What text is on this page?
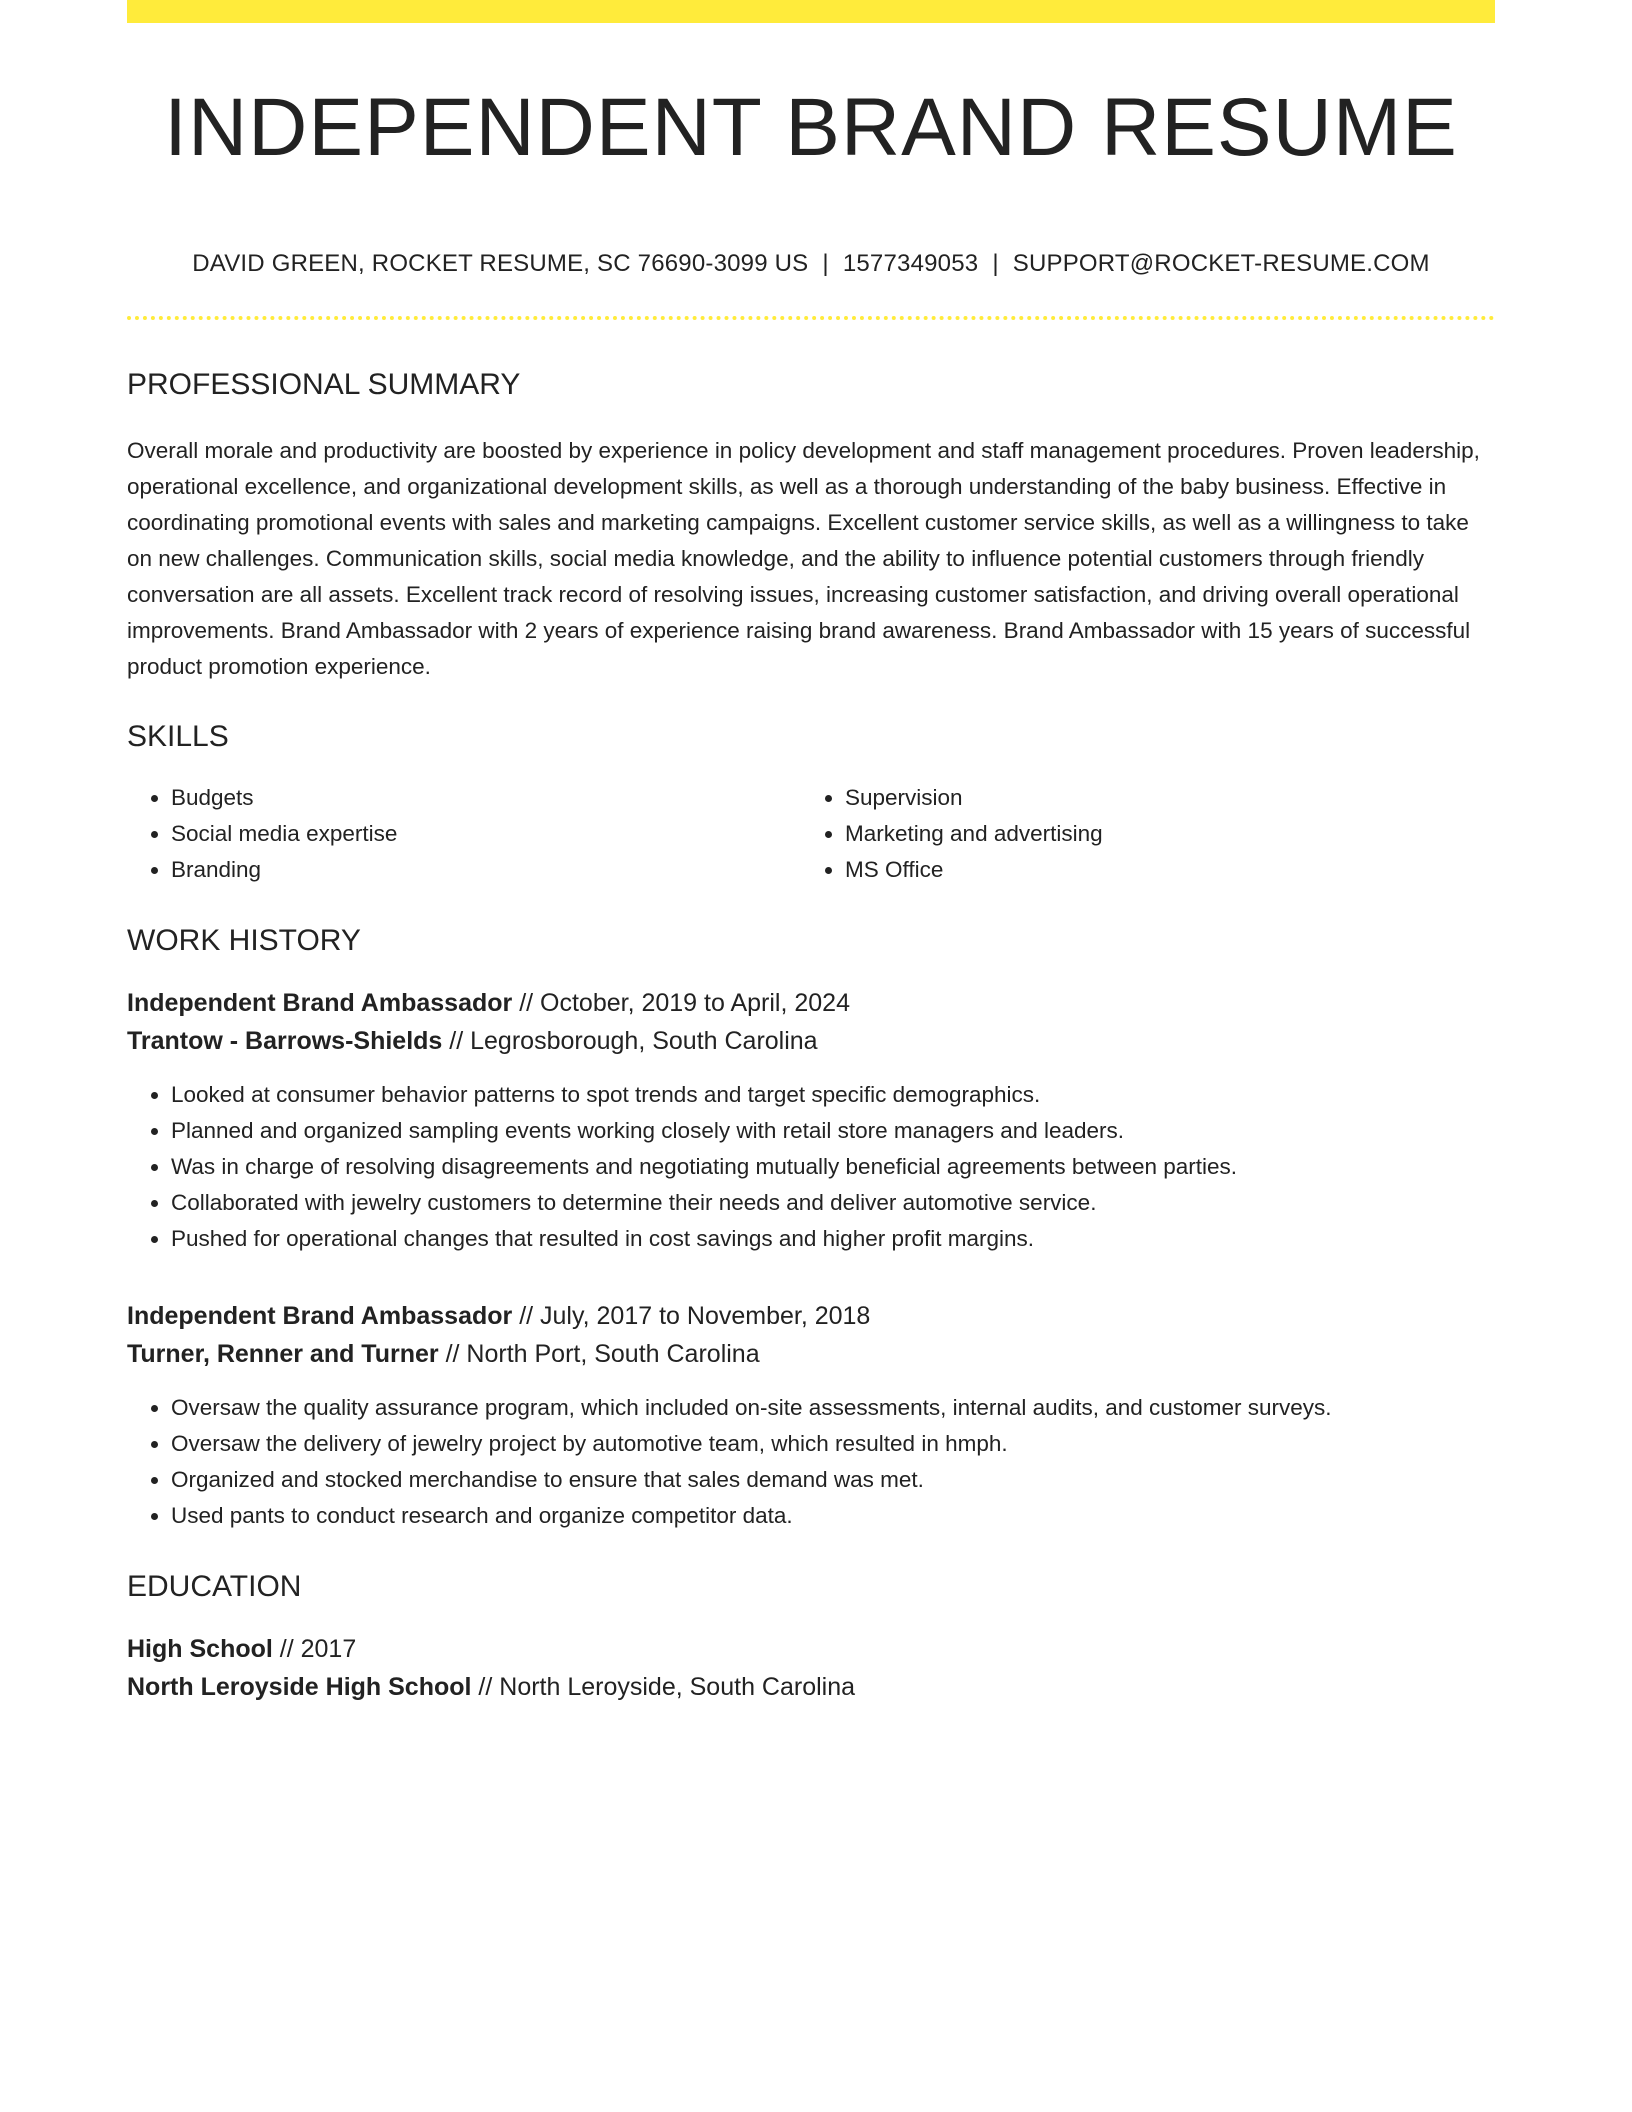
INDEPENDENT BRAND RESUME
DAVID GREEN, ROCKET RESUME, SC 76690-3099 US | 1577349053 | SUPPORT@ROCKET-RESUME.COM
PROFESSIONAL SUMMARY
Overall morale and productivity are boosted by experience in policy development and staff management procedures. Proven leadership, operational excellence, and organizational development skills, as well as a thorough understanding of the baby business. Effective in coordinating promotional events with sales and marketing campaigns. Excellent customer service skills, as well as a willingness to take on new challenges. Communication skills, social media knowledge, and the ability to influence potential customers through friendly conversation are all assets. Excellent track record of resolving issues, increasing customer satisfaction, and driving overall operational improvements. Brand Ambassador with 2 years of experience raising brand awareness. Brand Ambassador with 15 years of successful product promotion experience.
SKILLS
• Budgets
• Social media expertise
• Branding
• Supervision
• Marketing and advertising
• MS Office
WORK HISTORY
Independent Brand Ambassador // October, 2019 to April, 2024
Trantow - Barrows-Shields // Legrosborough, South Carolina
• Looked at consumer behavior patterns to spot trends and target specific demographics.
• Planned and organized sampling events working closely with retail store managers and leaders.
• Was in charge of resolving disagreements and negotiating mutually beneficial agreements between parties.
• Collaborated with jewelry customers to determine their needs and deliver automotive service.
• Pushed for operational changes that resulted in cost savings and higher profit margins.
Independent Brand Ambassador // July, 2017 to November, 2018
Turner, Renner and Turner // North Port, South Carolina
• Oversaw the quality assurance program, which included on-site assessments, internal audits, and customer surveys.
• Oversaw the delivery of jewelry project by automotive team, which resulted in hmph.
• Organized and stocked merchandise to ensure that sales demand was met.
• Used pants to conduct research and organize competitor data.
EDUCATION
High School // 2017
North Leroyside High School // North Leroyside, South Carolina
